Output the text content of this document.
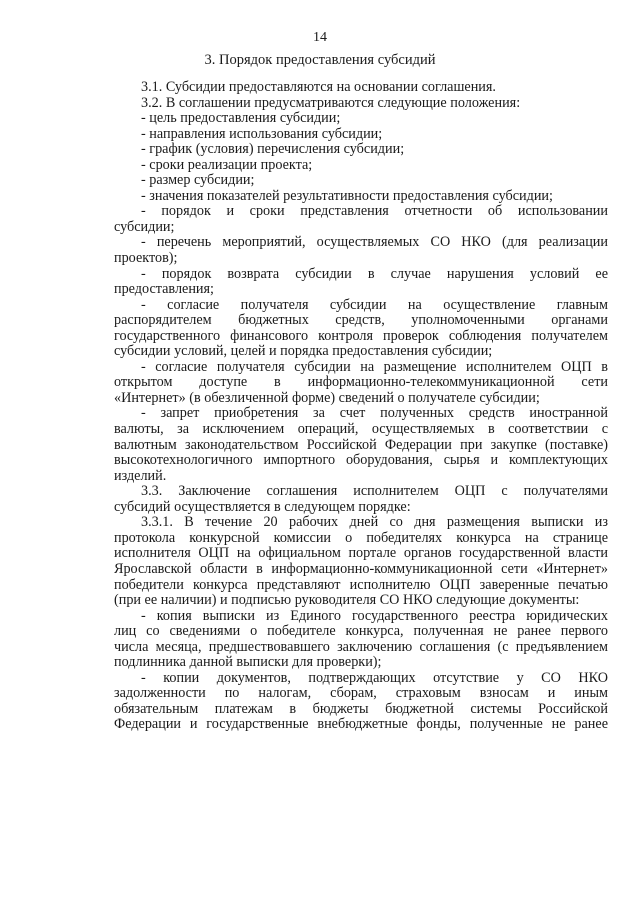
14
3. Порядок предоставления субсидий
3.1. Субсидии предоставляются на основании соглашения.
3.2. В соглашении предусматриваются следующие положения:
- цель предоставления субсидии;
- направления использования субсидии;
- график (условия) перечисления субсидии;
- сроки реализации проекта;
- размер субсидии;
- значения показателей результативности предоставления субсидии;
- порядок и сроки представления отчетности об использовании
субсидии;
- перечень мероприятий, осуществляемых СО НКО (для реализации
проектов);
- порядок возврата субсидии в случае нарушения условий ее
предоставления;
- согласие получателя субсидии на осуществление главным
распорядителем бюджетных средств, уполномоченными органами
государственного финансового контроля проверок соблюдения получателем
субсидии условий, целей и порядка предоставления субсидии;
- согласие получателя субсидии на размещение исполнителем ОЦП в
открытом доступе в информационно-телекоммуникационной сети
«Интернет» (в обезличенной форме) сведений о получателе субсидии;
- запрет приобретения за счет полученных средств иностранной
валюты, за исключением операций, осуществляемых в соответствии с
валютным законодательством Российской Федерации при закупке (поставке)
высокотехнологичного импортного оборудования, сырья и комплектующих
изделий.
3.3. Заключение соглашения исполнителем ОЦП с получателями
субсидий осуществляется в следующем порядке:
3.3.1. В течение 20 рабочих дней со дня размещения выписки из
протокола конкурсной комиссии о победителях конкурса на странице
исполнителя ОЦП на официальном портале органов государственной власти
Ярославской области в информационно-коммуникационной сети «Интернет»
победители конкурса представляют исполнителю ОЦП заверенные печатью
(при ее наличии) и подписью руководителя СО НКО следующие документы:
- копия выписки из Единого государственного реестра юридических
лиц со сведениями о победителе конкурса, полученная не ранее первого
числа месяца, предшествовавшего заключению соглашения (с предъявлением
подлинника данной выписки для проверки);
- копии документов, подтверждающих отсутствие у СО НКО
задолженности по налогам, сборам, страховым взносам и иным
обязательным платежам в бюджеты бюджетной системы Российской
Федерации и государственные внебюджетные фонды, полученные не ранее
